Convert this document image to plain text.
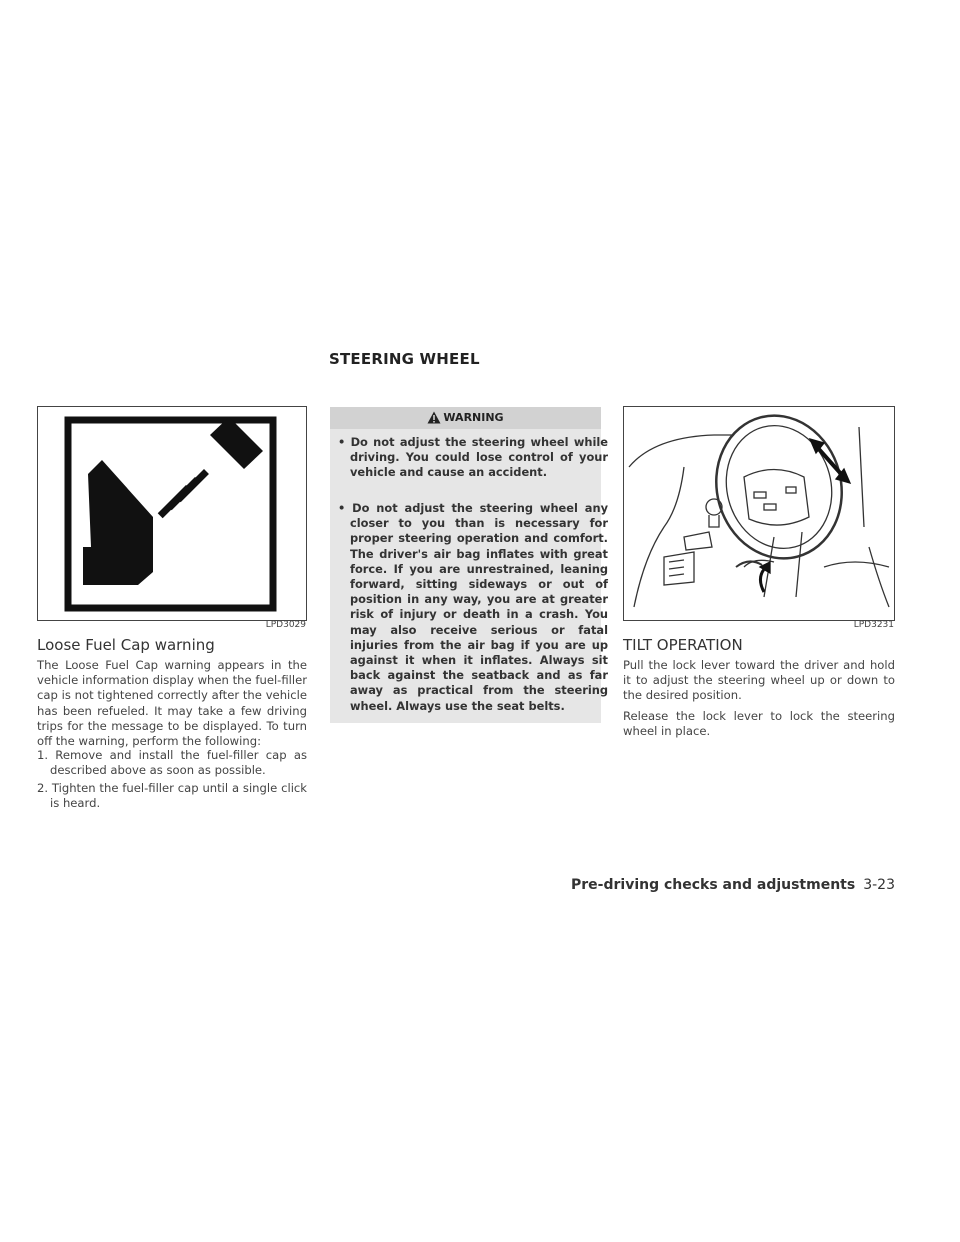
STEERING WHEEL
LPD3029
Loose Fuel Cap warning

The Loose Fuel Cap warning appears in the vehicle information display when the fuel-filler cap is not tightened correctly after the vehicle has been refueled. It may take a few driving trips for the message to be displayed. To turn off the warning, perform the following:

1. Remove and install the fuel-filler cap as described above as soon as possible.

2. Tighten the fuel-filler cap until a single click is heard.

WARNING

• Do not adjust the steering wheel while driving. You could lose control of your vehicle and cause an accident.

• Do not adjust the steering wheel any closer to you than is necessary for proper steering operation and comfort. The driver's air bag inflates with great force. If you are unrestrained, leaning forward, sitting sideways or out of position in any way, you are at greater risk of injury or death in a crash. You may also receive serious or fatal injuries from the air bag if you are up against it when it inflates. Always sit back against the seatback and as far away as practical from the steering wheel. Always use the seat belts.

LPD3231
TILT OPERATION

Pull the lock lever toward the driver and hold it to adjust the steering wheel up or down to the desired position.

Release the lock lever to lock the steering wheel in place.

Pre-driving checks and adjustments 3-23
